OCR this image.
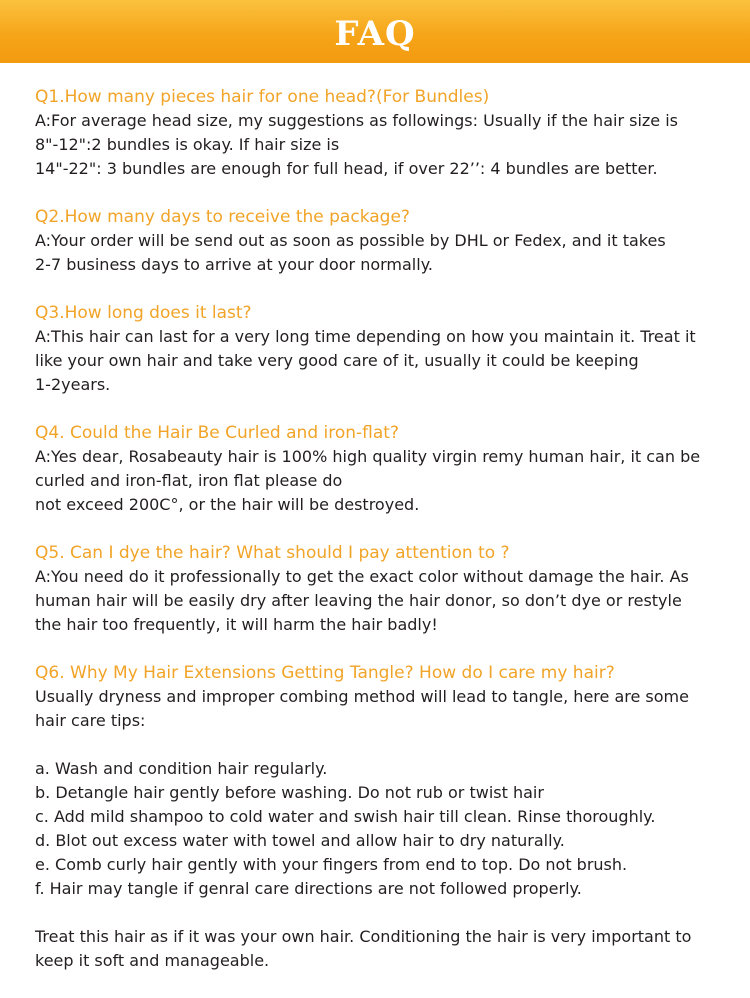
FAQ
Q1.How many pieces hair for one head?(For Bundles)
A:For average head size, my suggestions as followings: Usually if the hair size is
8"-12":2 bundles is okay. If hair size is
14"-22": 3 bundles are enough for full head, if over 22’’: 4 bundles are better.
Q2.How many days to receive the package?
A:Your order will be send out as soon as possible by DHL or Fedex, and it takes
2-7 business days to arrive at your door normally.
Q3.How long does it last?
A:This hair can last for a very long time depending on how you maintain it. Treat it
like your own hair and take very good care of it, usually it could be keeping
1-2years.
Q4. Could the Hair Be Curled and iron-flat?
A:Yes dear, Rosabeauty hair is 100% high quality virgin remy human hair, it can be
curled and iron-flat, iron flat please do
not exceed 200C°, or the hair will be destroyed.
Q5. Can I dye the hair? What should I pay attention to ?
A:You need do it professionally to get the exact color without damage the hair. As
human hair will be easily dry after leaving the hair donor, so don’t dye or restyle
the hair too frequently, it will harm the hair badly!
Q6. Why My Hair Extensions Getting Tangle? How do I care my hair?
Usually dryness and improper combing method will lead to tangle, here are some
hair care tips:
a. Wash and condition hair regularly.
b. Detangle hair gently before washing. Do not rub or twist hair
c. Add mild shampoo to cold water and swish hair till clean. Rinse thoroughly.
d. Blot out excess water with towel and allow hair to dry naturally.
e. Comb curly hair gently with your fingers from end to top. Do not brush.
f. Hair may tangle if genral care directions are not followed properly.
Treat this hair as if it was your own hair. Conditioning the hair is very important to
keep it soft and manageable.
